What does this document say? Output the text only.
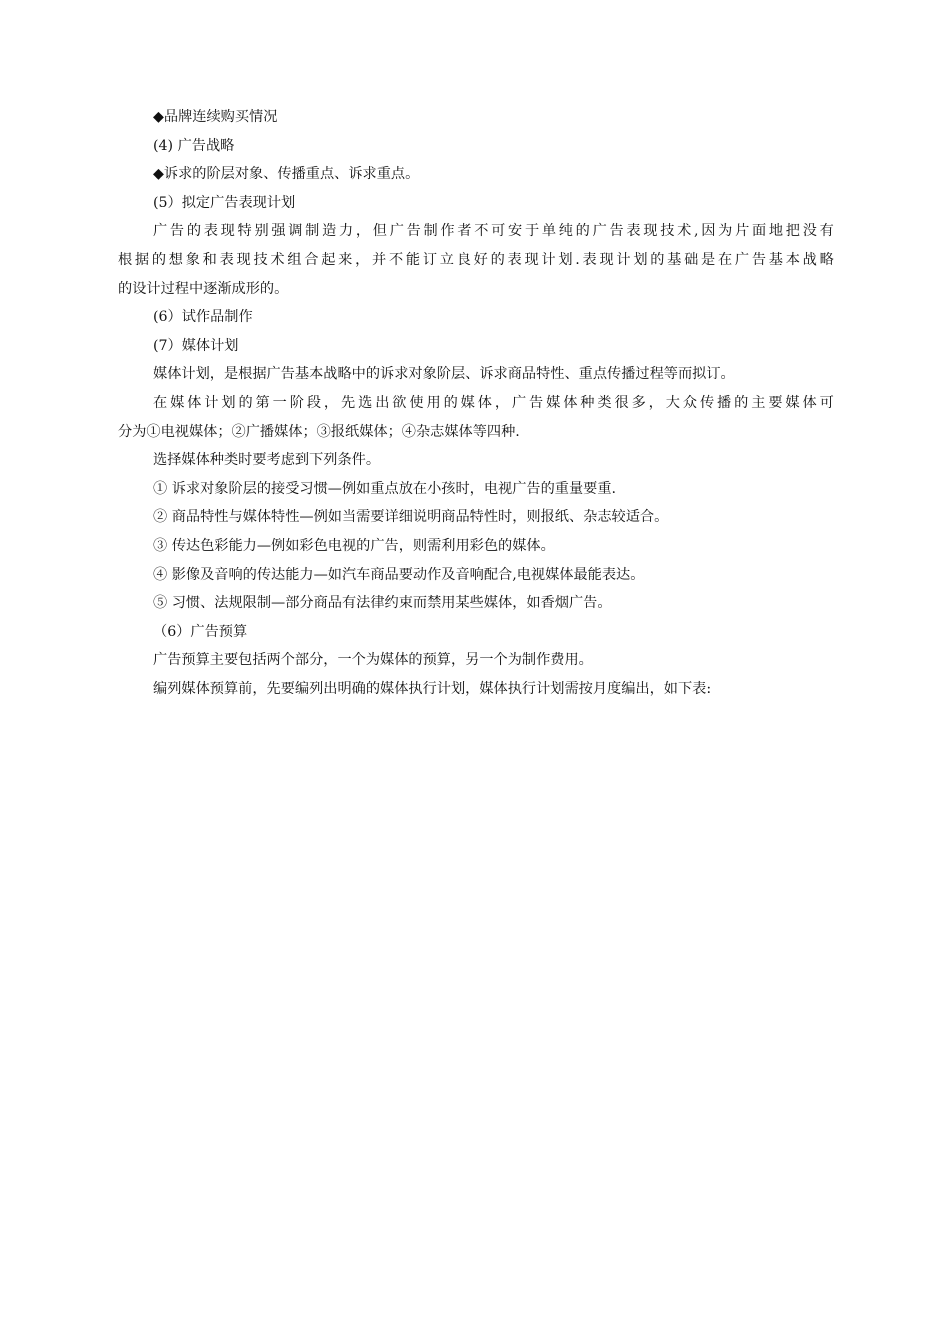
◆品牌连续购买情况
(4) 广告战略
◆诉求的阶层对象、传播重点、诉求重点。
(5）拟定广告表现计划
广告的表现特别强调制造力，但广告制作者不可安于单纯的广告表现技术,因为片面地把没有
根据的想象和表现技术组合起来，并不能订立良好的表现计划.表现计划的基础是在广告基本战略
的设计过程中逐渐成形的。
(6）试作品制作
(7）媒体计划
媒体计划，是根据广告基本战略中的诉求对象阶层、诉求商品特性、重点传播过程等而拟订。
在媒体计划的第一阶段，先选出欲使用的媒体，广告媒体种类很多，大众传播的主要媒体可
分为①电视媒体；②广播媒体；③报纸媒体；④杂志媒体等四种.
选择媒体种类时要考虑到下列条件。
① 诉求对象阶层的接受习惯—例如重点放在小孩时，电视广告的重量要重.
② 商品特性与媒体特性—例如当需要详细说明商品特性时，则报纸、杂志较适合。
③ 传达色彩能力—例如彩色电视的广告，则需利用彩色的媒体。
④ 影像及音响的传达能力—如汽车商品要动作及音响配合,电视媒体最能表达。
⑤ 习惯、法规限制—部分商品有法律约束而禁用某些媒体，如香烟广告。
（6）广告预算
广告预算主要包括两个部分，一个为媒体的预算，另一个为制作费用。
编列媒体预算前，先要编列出明确的媒体执行计划，媒体执行计划需按月度编出，如下表:
